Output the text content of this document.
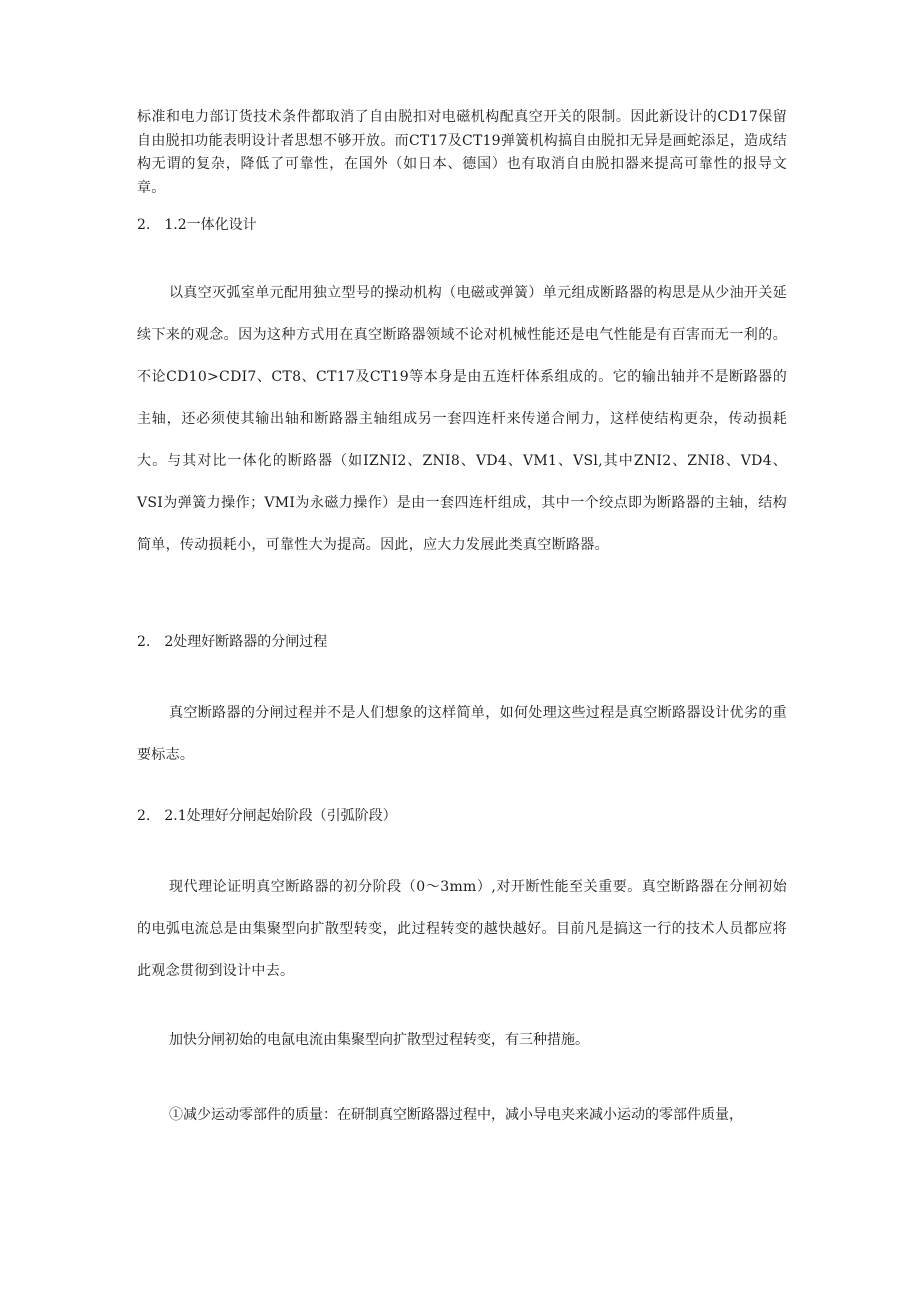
标准和电力部订货技术条件都取消了自由脱扣对电磁机构配真空开关的限制。因此新设计的CD17保留自由脱扣功能表明设计者思想不够开放。而CT17及CT19弹簧机构搞自由脱扣无异是画蛇添足，造成结构无谓的复杂，降低了可靠性，在国外（如日本、德国）也有取消自由脱扣器来提高可靠性的报导文章。

2.　1.2一体化设计

以真空灭弧室单元配用独立型号的操动机构（电磁或弹簧）单元组成断路器的构思是从少油开关延续下来的观念。因为这种方式用在真空断路器领域不论对机械性能还是电气性能是有百害而无一利的。不论CD10>CDI7、CT8、CT17及CT19等本身是由五连杆体系组成的。它的输出轴并不是断路器的主轴，还必须使其输出轴和断路器主轴组成另一套四连杆来传递合闸力，这样使结构更杂，传动损耗大。与其对比一体化的断路器（如IZNI2、ZNI8、VD4、VM1、VSl,其中ZNI2、ZNI8、VD4、VSI为弹簧力操作；VMI为永磁力操作）是由一套四连杆组成，其中一个绞点即为断路器的主轴，结构简单，传动损耗小，可靠性大为提高。因此，应大力发展此类真空断路器。

2.　2处理好断路器的分闸过程

真空断路器的分闸过程并不是人们想象的这样简单，如何处理这些过程是真空断路器设计优劣的重要标志。

2.　2.1处理好分闸起始阶段（引弧阶段）

现代理论证明真空断路器的初分阶段（0～3mm）,对开断性能至关重要。真空断路器在分闸初始的电弧电流总是由集聚型向扩散型转变，此过程转变的越快越好。目前凡是搞这一行的技术人员都应将此观念贯彻到设计中去。

加快分闸初始的电氤电流由集聚型向扩散型过程转变，有三种措施。

①减少运动零部件的质量：在研制真空断路器过程中，减小导电夹来减小运动的零部件质量，
